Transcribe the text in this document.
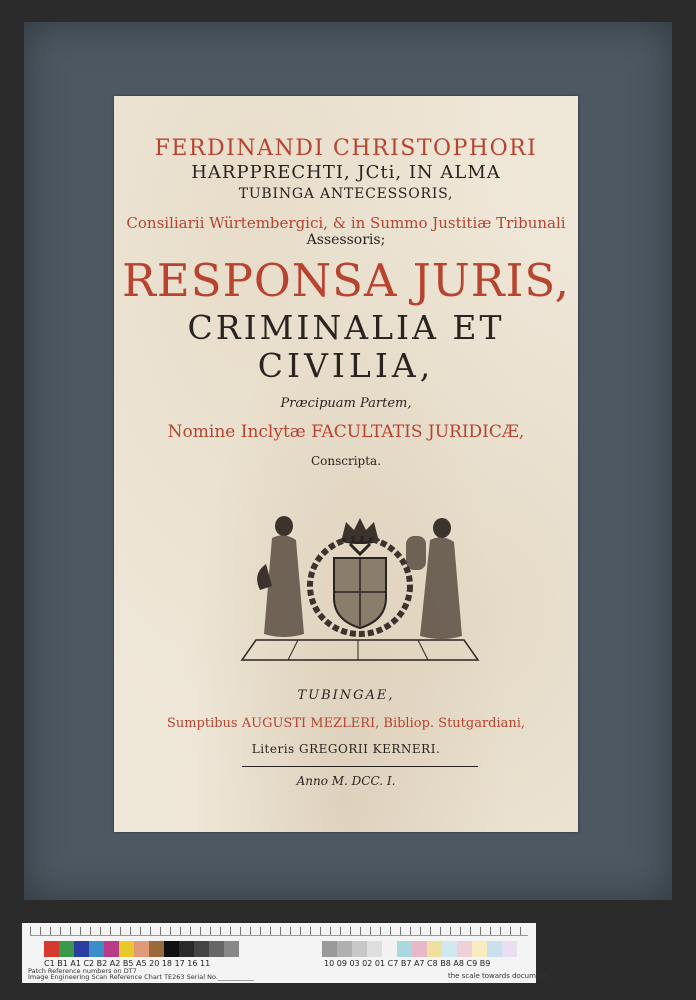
FERDINANDI CHRISTOPHORI
HARPPRECHTI, JCti, IN ALMA
TUBINGA ANTECESSORIS,
Consiliarii Würtembergici, & in Summo Justitiæ Tribunali
Assessoris;
RESPONSA JURIS,
CRIMINALIA ET
CIVILIA,
Præcipuam Partem,
Nomine Inclytæ FACULTATIS JURIDICÆ,
Conscripta.
TUBINGAE,
Sumptibus AUGUSTI MEZLERI, Bibliop. Stutgardiani,
Literis GREGORII KERNERI.
Anno M. DCC. I.
C1 B1 A1 C2 B2 A2 B5 A5 20 18 17 16 11	10 09 03 02 01 C7 B7 A7 C8 B8 A8 C9 B9
Image Engineering Scan Reference Chart TE263 Serial No.___________
Patch Reference numbers on DT7
the scale towards document
